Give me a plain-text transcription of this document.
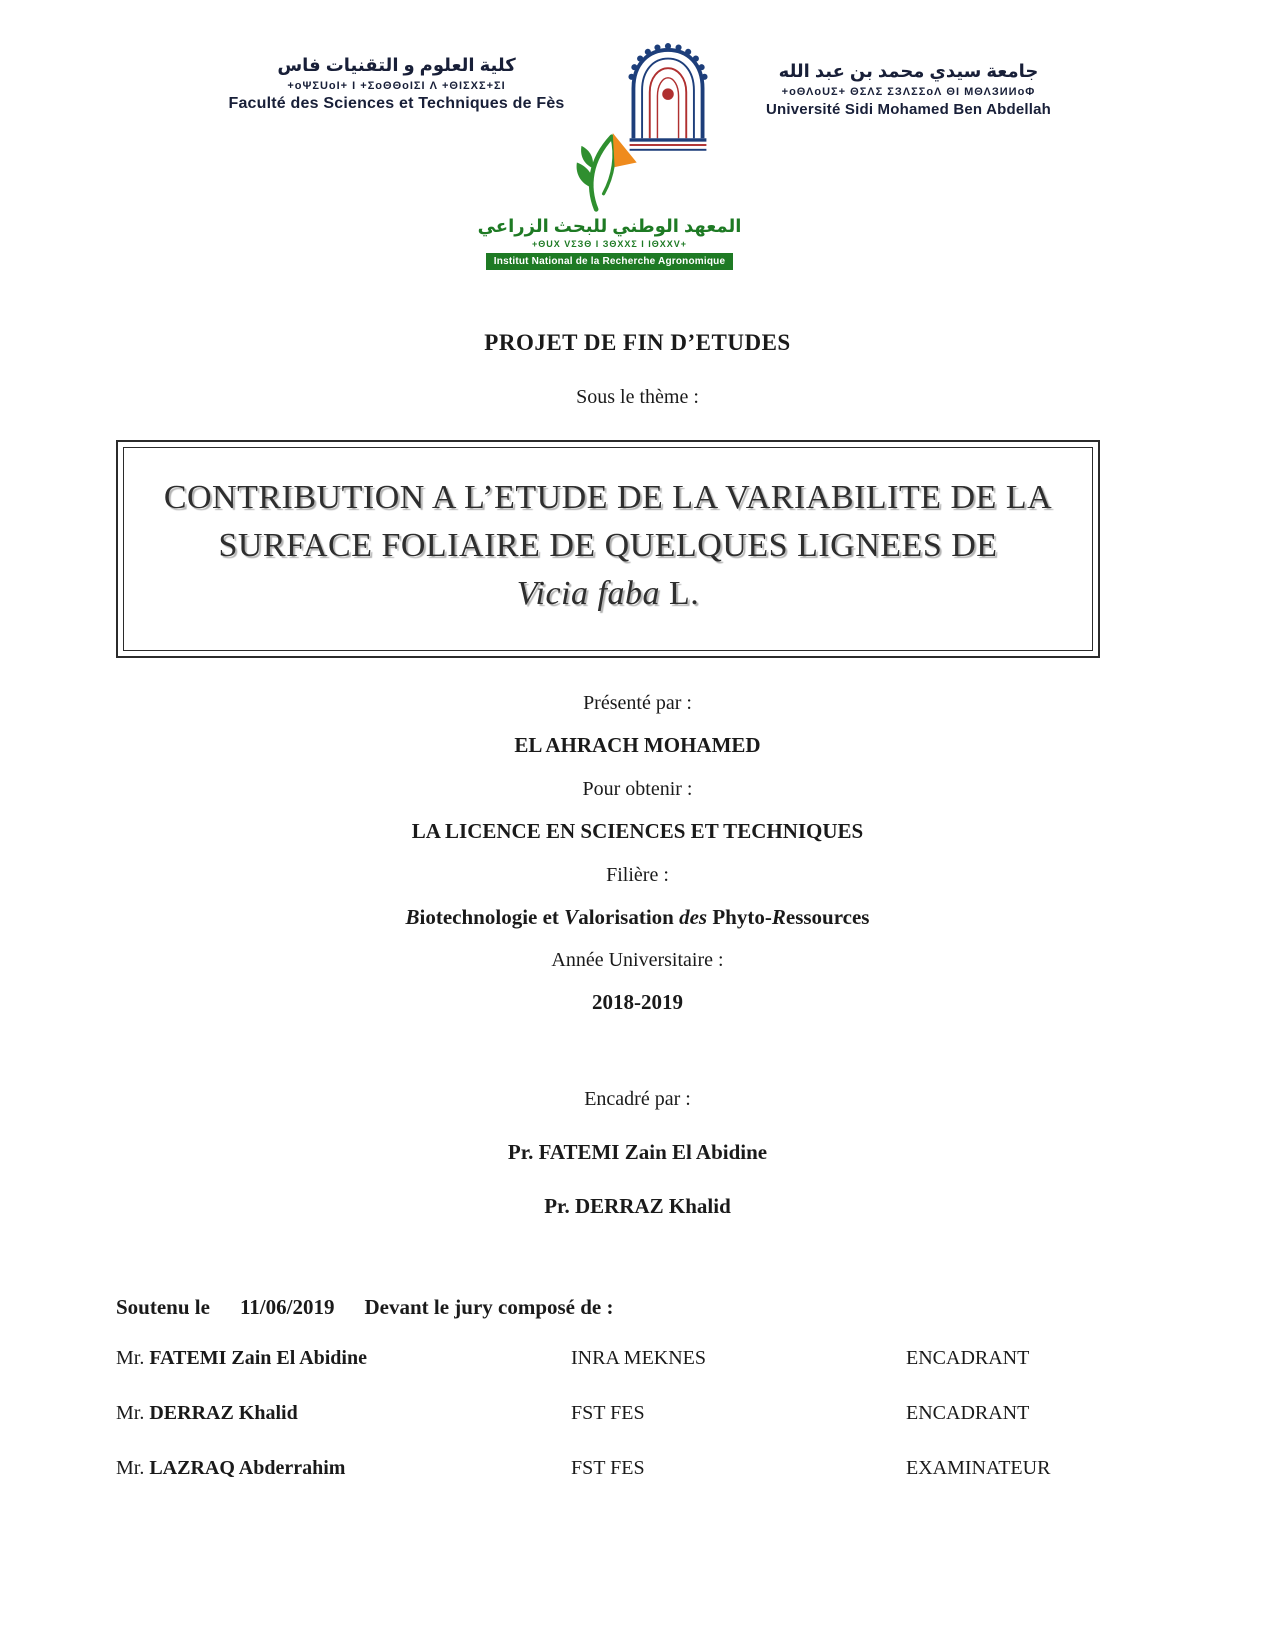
كلية العلوم و التقنيات فاس
+oΨΣUoI+ I +ΣoΘΘoIΣI Λ +ΘIΣΧΣ+ΣI
Faculté des Sciences et Techniques de Fès
جامعة سيدي محمد بن عبد الله
+oΘΛoUΣ+ ΘΣΛΣ ΣЗΛΣΣoΛ ΘI MΘΛЗИИoΦ
Université Sidi Mohamed Ben Abdellah
المعهد الوطني للبحث الزراعي
+ΘUX VΣЗΘ I ЗΘΧΧΣ I IΘΧΧV+
Institut National de la Recherche Agronomique
PROJET DE FIN D’ETUDES
Sous le thème :
CONTRIBUTION A L’ETUDE DE LA VARIABILITE DE LA
SURFACE FOLIAIRE DE QUELQUES LIGNEES DE
Vicia faba L.
Présenté par :
EL AHRACH MOHAMED
Pour obtenir :
LA LICENCE EN SCIENCES ET TECHNIQUES
Filière :
Biotechnologie et Valorisation des Phyto-Ressources
Année Universitaire :
2018-2019
Encadré par :
Pr. FATEMI Zain El Abidine
Pr. DERRAZ Khalid
Soutenu le 11/06/2019 Devant le jury composé de :
Mr. FATEMI Zain El Abidine	INRA MEKNES	ENCADRANT
Mr. DERRAZ Khalid	FST FES	ENCADRANT
Mr. LAZRAQ Abderrahim	FST FES	EXAMINATEUR
